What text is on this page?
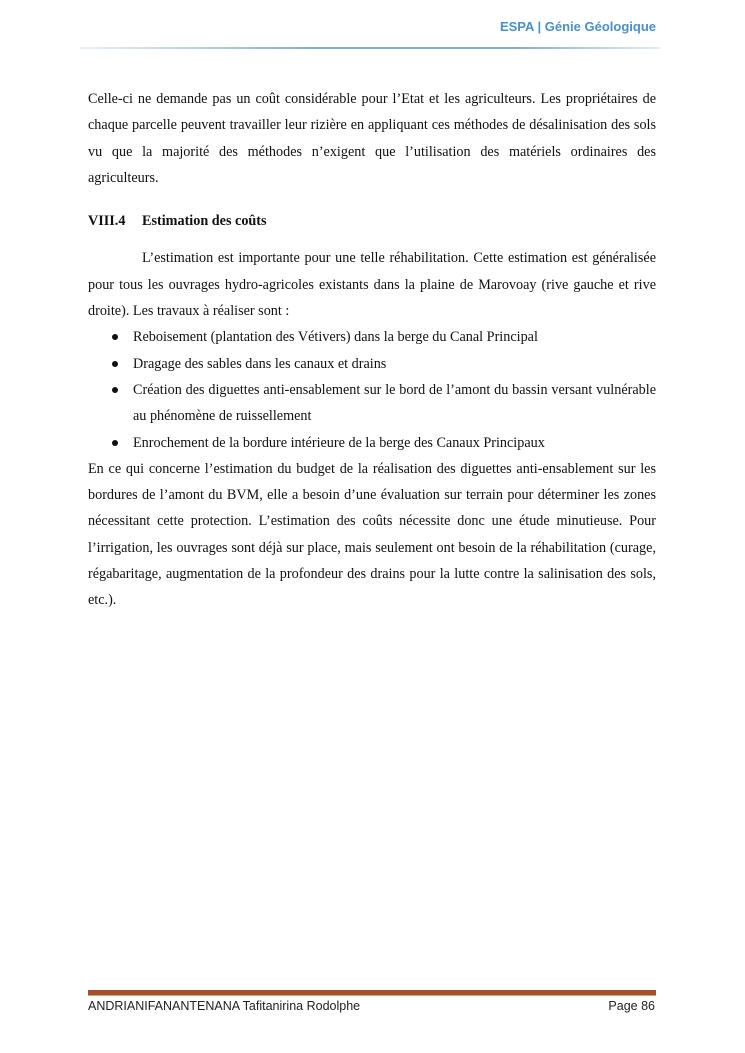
ESPA | Génie Géologique

Celle-ci ne demande pas un coût considérable pour l’Etat et les agriculteurs. Les propriétaires de chaque parcelle peuvent travailler leur rizière en appliquant ces méthodes de désalinisation des sols vu que la majorité des méthodes n’exigent que l’utilisation des matériels ordinaires des agriculteurs.

VIII.4 Estimation des coûts

L’estimation est importante pour une telle réhabilitation. Cette estimation est généralisée pour tous les ouvrages hydro-agricoles existants dans la plaine de Marovoay (rive gauche et rive droite). Les travaux à réaliser sont :

Reboisement (plantation des Vétivers) dans la berge du Canal Principal
Dragage des sables dans les canaux et drains
Création des diguettes anti-ensablement sur le bord de l’amont du bassin versant vulnérable au phénomène de ruissellement
Enrochement de la bordure intérieure de la berge des Canaux Principaux

En ce qui concerne l’estimation du budget de la réalisation des diguettes anti-ensablement sur les bordures de l’amont du BVM, elle a besoin d’une évaluation sur terrain pour déterminer les zones nécessitant cette protection. L’estimation des coûts nécessite donc une étude minutieuse. Pour l’irrigation, les ouvrages sont déjà sur place, mais seulement ont besoin de la réhabilitation (curage, régabaritage, augmentation de la profondeur des drains pour la lutte contre la salinisation des sols, etc.).

ANDRIANIFANANTENANA Tafitanirina Rodolphe	Page 86
